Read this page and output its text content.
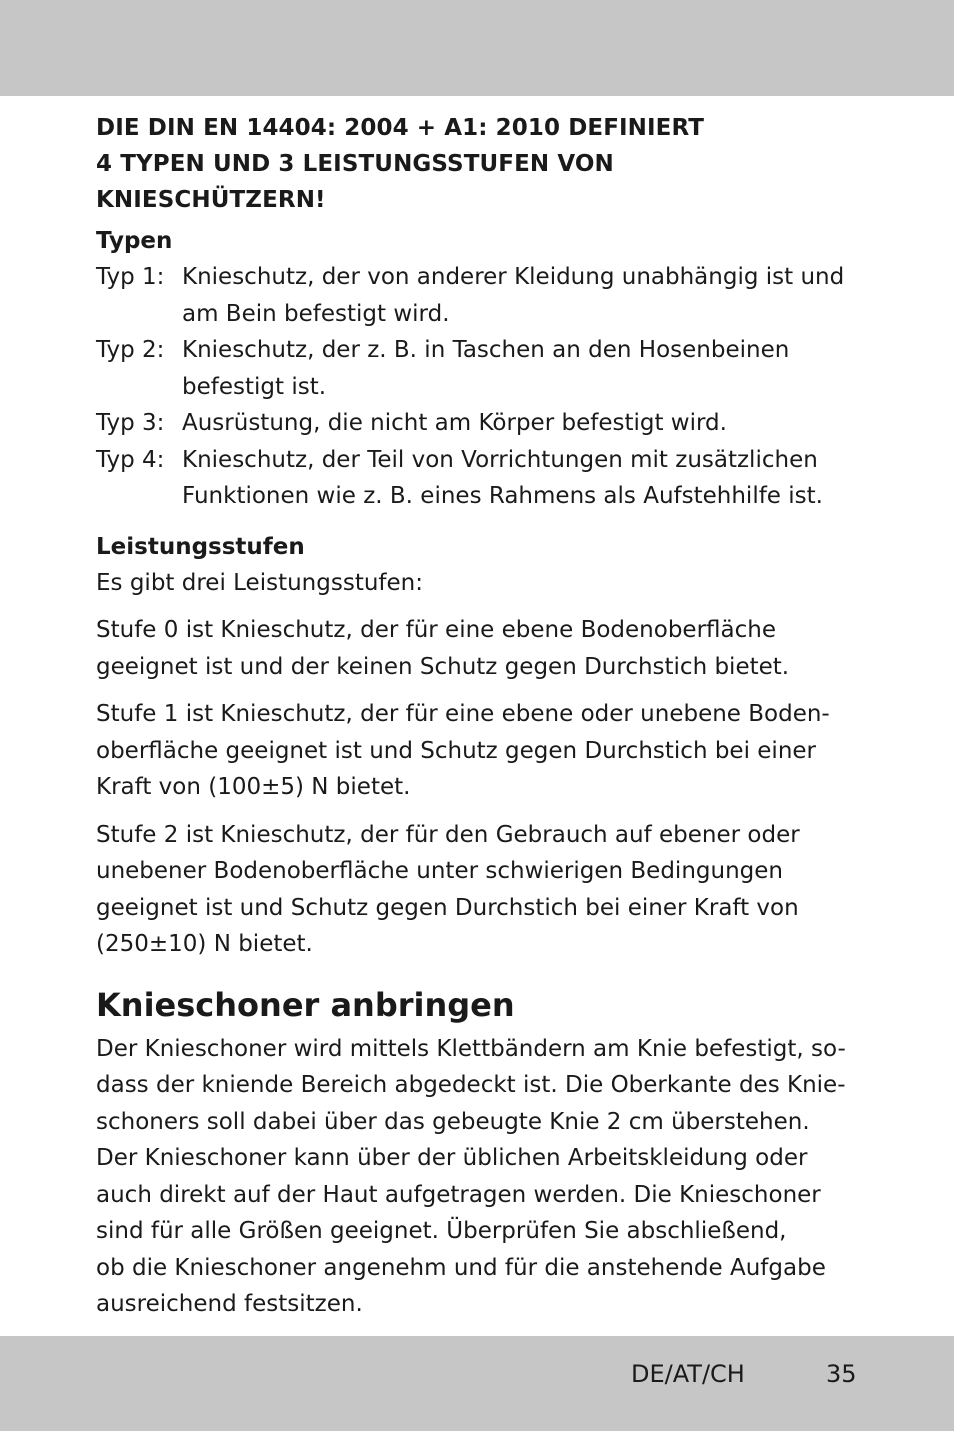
DIE DIN EN 14404: 2004 + A1: 2010 DEFINIERT
4 TYPEN UND 3 LEISTUNGSSTUFEN VON
KNIESCHÜTZERN!

Typen
Typ 1: Knieschutz, der von anderer Kleidung unabhängig ist und
am Bein befestigt wird.
Typ 2: Knieschutz, der z. B. in Taschen an den Hosenbeinen
befestigt ist.
Typ 3: Ausrüstung, die nicht am Körper befestigt wird.
Typ 4: Knieschutz, der Teil von Vorrichtungen mit zusätzlichen
Funktionen wie z. B. eines Rahmens als Aufstehhilfe ist.
Leistungsstufen

Es gibt drei Leistungsstufen:

Stufe 0 ist Knieschutz, der für eine ebene Bodenoberfläche
geeignet ist und der keinen Schutz gegen Durchstich bietet.

Stufe 1 ist Knieschutz, der für eine ebene oder unebene Boden-
oberfläche geeignet ist und Schutz gegen Durchstich bei einer
Kraft von (100±5) N bietet.

Stufe 2 ist Knieschutz, der für den Gebrauch auf ebener oder
unebener Bodenoberfläche unter schwierigen Bedingungen
geeignet ist und Schutz gegen Durchstich bei einer Kraft von
(250±10) N bietet.

Knieschoner anbringen

Der Knieschoner wird mittels Klettbändern am Knie befestigt, so-
dass der kniende Bereich abgedeckt ist. Die Oberkante des Knie-
schoners soll dabei über das gebeugte Knie 2 cm überstehen.
Der Knieschoner kann über der üblichen Arbeitskleidung oder
auch direkt auf der Haut aufgetragen werden. Die Knieschoner
sind für alle Größen geeignet. Überprüfen Sie abschließend,
ob die Knieschoner angenehm und für die anstehende Aufgabe
ausreichend festsitzen.

DE/AT/CH	35
